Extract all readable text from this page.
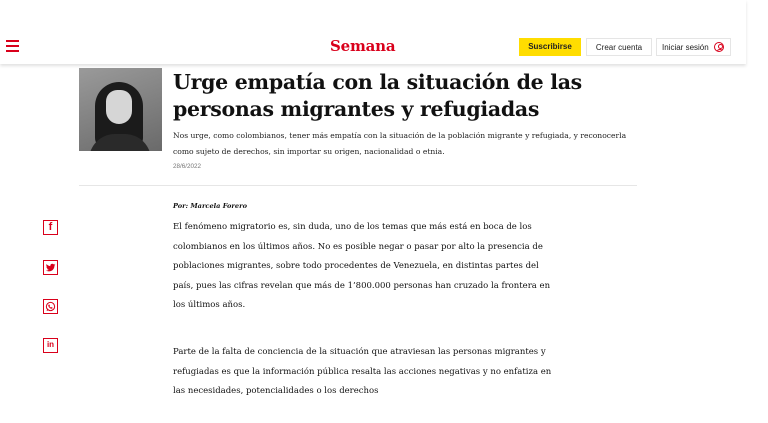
Semana	Suscribirse	Crear cuenta	Iniciar sesión
Urge empatía con la situación de las personas migrantes y refugiadas

Nos urge, como colombianos, tener más empatía con la situación de la población migrante y refugiada, y reconocerla como sujeto de derechos, sin importar su origen, nacionalidad o etnia.

28/6/2022
Por: Marcela Forero

El fenómeno migratorio es, sin duda, uno de los temas que más está en boca de los colombianos en los últimos años. No es posible negar o pasar por alto la presencia de poblaciones migrantes, sobre todo procedentes de Venezuela, en distintas partes del país, pues las cifras revelan que más de 1’800.000 personas han cruzado la frontera en los últimos años.

Parte de la falta de conciencia de la situación que atraviesan las personas migrantes y refugiadas es que la información pública resalta las acciones negativas y no enfatiza en las necesidades, potencialidades o los derechos

f
in
